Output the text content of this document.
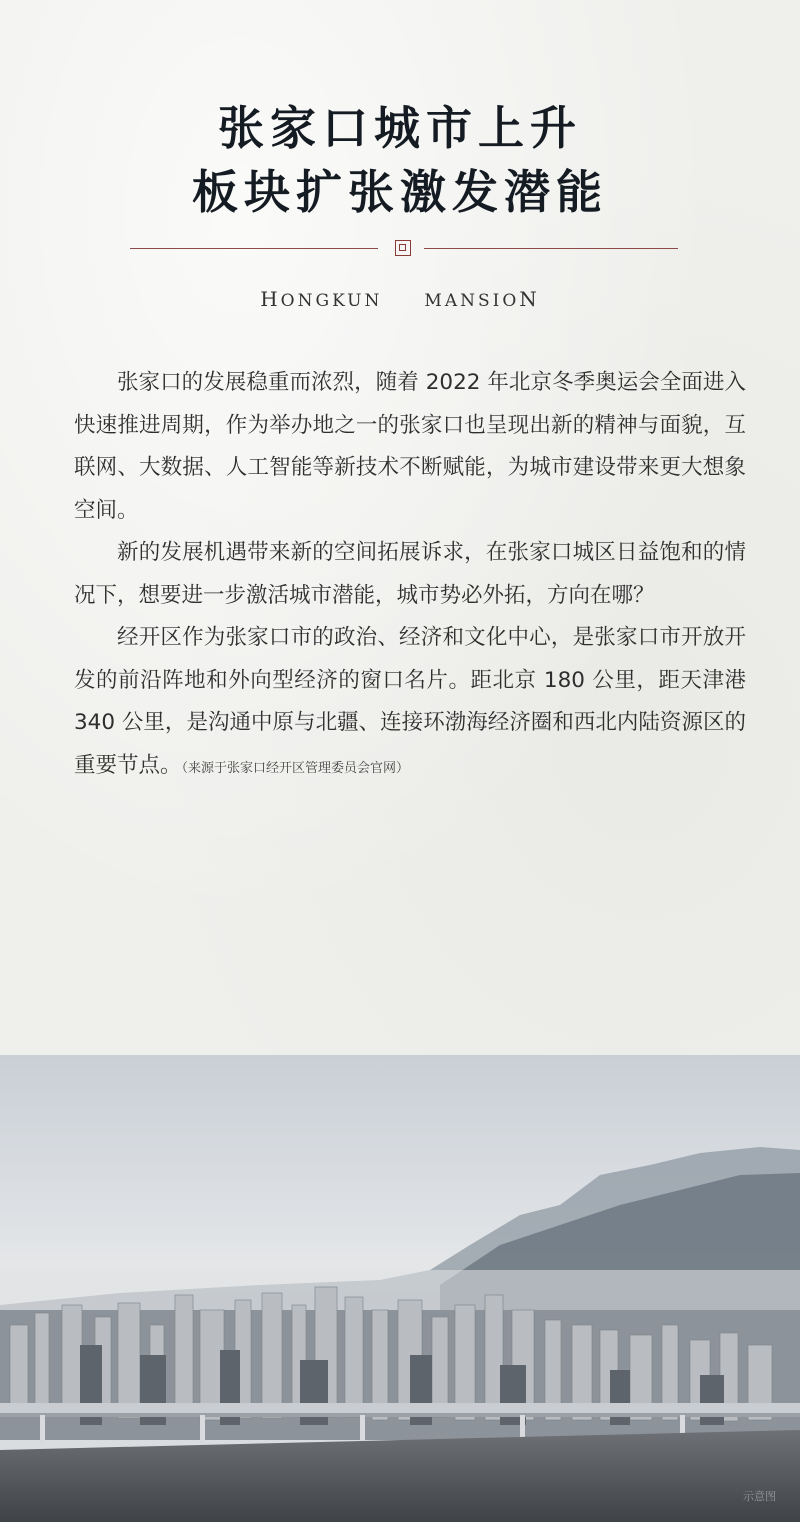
张家口城市上升
板块扩张激发潜能
HONGKUN MANSION

张家口的发展稳重而浓烈，随着 2022 年北京冬季奥运会全面进入快速推进周期，作为举办地之一的张家口也呈现出新的精神与面貌，互联网、大数据、人工智能等新技术不断赋能，为城市建设带来更大想象空间。

新的发展机遇带来新的空间拓展诉求，在张家口城区日益饱和的情况下，想要进一步激活城市潜能，城市势必外拓，方向在哪？

经开区作为张家口市的政治、经济和文化中心，是张家口市开放开发的前沿阵地和外向型经济的窗口名片。距北京 180 公里，距天津港 340 公里，是沟通中原与北疆、连接环渤海经济圈和西北内陆资源区的重要节点。（来源于张家口经开区管理委员会官网）

示意图
